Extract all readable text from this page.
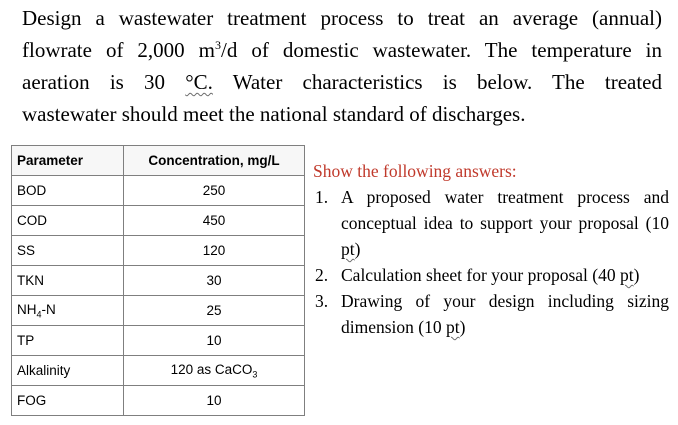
Design a wastewater treatment process to treat an average (annual)
flowrate of 2,000 $m^3/d$ of domestic wastewater. The temperature in
aeration is 30 °C. Water characteristics is below. The treated
wastewater should meet the national standard of discharges.
Parameter	Concentration, mg/L
BOD	250
COD	450
SS	120
TKN	30
$NH_4-N$	25
TP	10
Alkalinity	120 as CaCO$_3$
FOG	10
Show the following answers:
1. A proposed water treatment process and conceptual idea to support your proposal (10 pt)
2. Calculation sheet for your proposal (40 pt)
3. Drawing of your design including sizing dimension (10 pt)
